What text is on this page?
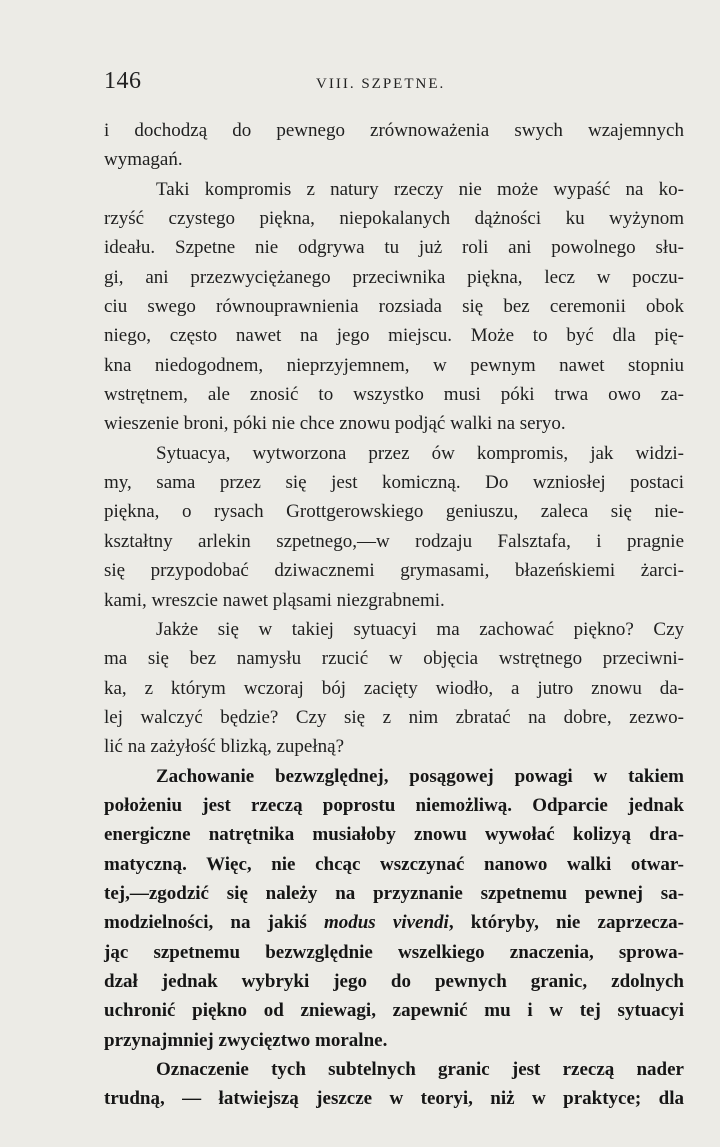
146	VIII. SZPETNE.
i dochodzą do pewnego zrównoważenia swych wzajemnych
wymagań.
Taki kompromis z natury rzeczy nie może wypaść na ko-
rzyść czystego piękna, niepokalanych dążności ku wyżynom
ideału. Szpetne nie odgrywa tu już roli ani powolnego słu-
gi, ani przezwyciężanego przeciwnika piękna, lecz w poczu-
ciu swego równouprawnienia rozsiada się bez ceremonii obok
niego, często nawet na jego miejscu. Może to być dla pię-
kna niedogodnem, nieprzyjemnem, w pewnym nawet stopniu
wstrętnem, ale znosić to wszystko musi póki trwa owo za-
wieszenie broni, póki nie chce znowu podjąć walki na seryo.
Sytuacya, wytworzona przez ów kompromis, jak widzi-
my, sama przez się jest komiczną. Do wzniosłej postaci
piękna, o rysach Grottgerowskiego geniuszu, zaleca się nie-
kształtny arlekin szpetnego,—w rodzaju Falsztafa, i pragnie
się przypodobać dziwacznemi grymasami, błazeńskiemi żarci-
kami, wreszcie nawet pląsami niezgrabnemi.
Jakże się w takiej sytuacyi ma zachować piękno? Czy
ma się bez namysłu rzucić w objęcia wstrętnego przeciwni-
ka, z którym wczoraj bój zacięty wiodło, a jutro znowu da-
lej walczyć będzie? Czy się z nim zbratać na dobre, zezwo-
lić na zażyłość blizką, zupełną?
Zachowanie bezwzględnej, posągowej powagi w takiem
położeniu jest rzeczą poprostu niemożliwą. Odparcie jednak
energiczne natrętnika musiałoby znowu wywołać kolizyą dra-
matyczną. Więc, nie chcąc wszczynać nanowo walki otwar-
tej,—zgodzić się należy na przyznanie szpetnemu pewnej sa-
modzielności, na jakiś modus vivendi, któryby, nie zaprzecza-
jąc szpetnemu bezwzględnie wszelkiego znaczenia, sprowa-
dzał jednak wybryki jego do pewnych granic, zdolnych
uchronić piękno od zniewagi, zapewnić mu i w tej sytuacyi
przynajmniej zwycięztwo moralne.
Oznaczenie tych subtelnych granic jest rzeczą nader
trudną, — łatwiejszą jeszcze w teoryi, niż w praktyce; dla
